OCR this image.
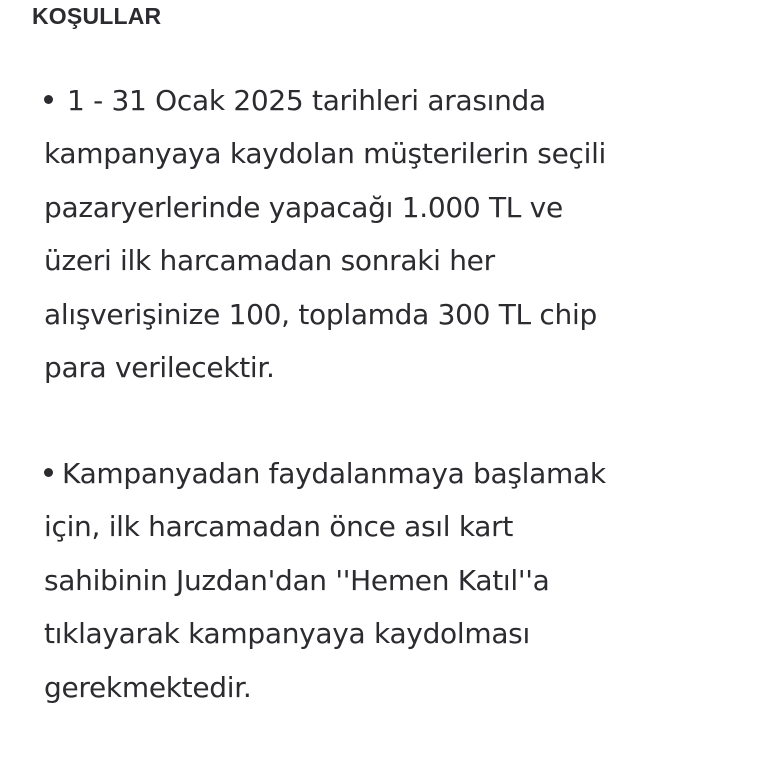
KOŞULLAR
1 - 31 Ocak 2025 tarihleri arasında
kampanyaya kaydolan müşterilerin seçili
pazaryerlerinde yapacağı 1.000 TL ve
üzeri ilk harcamadan sonraki her
alışverişinize 100, toplamda 300 TL chip
para verilecektir.
Kampanyadan faydalanmaya başlamak
için, ilk harcamadan önce asıl kart
sahibinin Juzdan'dan ''Hemen Katıl''a
tıklayarak kampanyaya kaydolması
gerekmektedir.
